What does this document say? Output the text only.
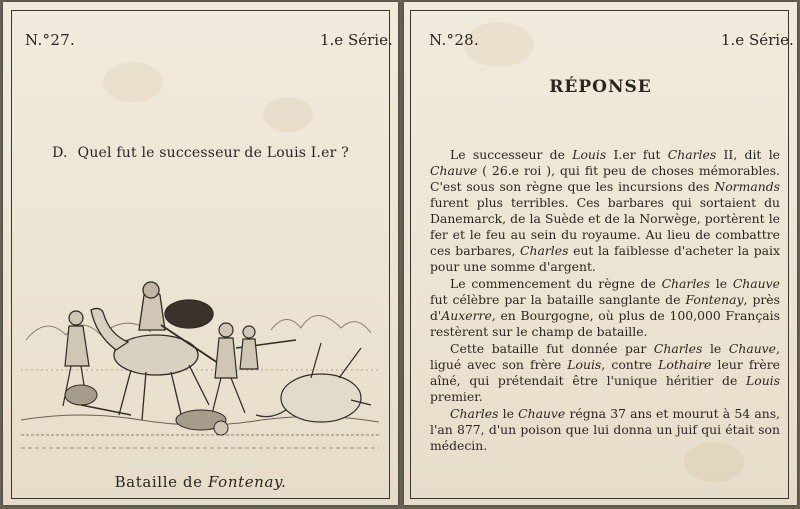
N.°27.	1.e Série.
D. Quel fut le successeur de Louis I.er ?
Bataille de Fontenay.
N.°28.	1.e Série.
RÉPONSE

Le successeur de Louis I.er fut Charles II, dit le Chauve ( 26.e roi ), qui fit peu de choses mémorables. C'est sous son règne que les incursions des Normands furent plus terribles. Ces barbares qui sortaient du Danemarck, de la Suède et de la Norwège, portèrent le fer et le feu au sein du royaume. Au lieu de combattre ces barbares, Charles eut la faiblesse d'acheter la paix pour une somme d'argent.

Le commencement du règne de Charles le Chauve fut célèbre par la bataille sanglante de Fontenay, près d'Auxerre, en Bourgogne, où plus de 100,000 Français restèrent sur le champ de bataille.

Cette bataille fut donnée par Charles le Chauve, ligué avec son frère Louis, contre Lothaire leur frère aîné, qui prétendait être l'unique héritier de Louis premier.

Charles le Chauve régna 37 ans et mourut à 54 ans, l'an 877, d'un poison que lui donna un juif qui était son médecin.
